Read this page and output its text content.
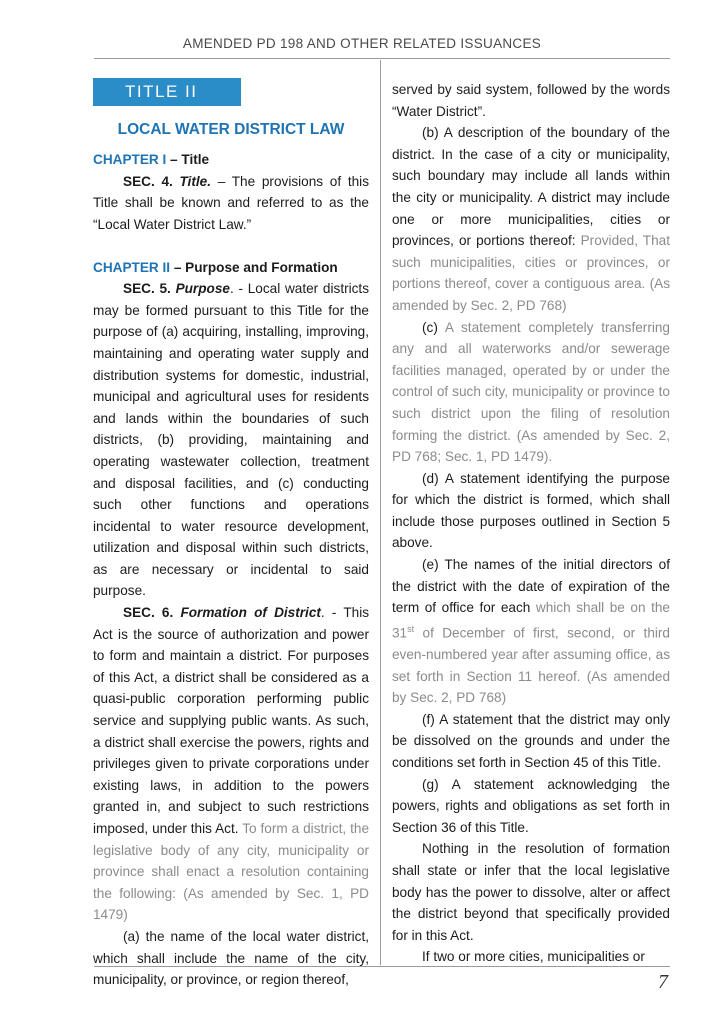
AMENDED PD 198 AND OTHER RELATED ISSUANCES
TITLE II
LOCAL WATER DISTRICT LAW
CHAPTER I – Title

SEC. 4. Title. – The provisions of this Title shall be known and referred to as the “Local Water District Law.”

CHAPTER II – Purpose and Formation

SEC. 5. Purpose. - Local water districts may be formed pursuant to this Title for the purpose of (a) acquiring, installing, improving, maintaining and operating water supply and distribution systems for domestic, industrial, municipal and agricultural uses for residents and lands within the boundaries of such districts, (b) providing, maintaining and operating wastewater collection, treatment and disposal facilities, and (c) conducting such other functions and operations incidental to water resource development, utilization and disposal within such districts, as are necessary or incidental to said purpose.

SEC. 6. Formation of District. - This Act is the source of authorization and power to form and maintain a district. For purposes of this Act, a district shall be considered as a quasi-public corporation performing public service and supplying public wants. As such, a district shall exercise the powers, rights and privileges given to private corporations under existing laws, in addition to the powers granted in, and subject to such restrictions imposed, under this Act. To form a district, the legislative body of any city, municipality or province shall enact a resolution containing the following: (As amended by Sec. 1, PD 1479)

(a) the name of the local water district, which shall include the name of the city, municipality, or province, or region thereof,

served by said system, followed by the words “Water District”.

(b) A description of the boundary of the district. In the case of a city or municipality, such boundary may include all lands within the city or municipality. A district may include one or more municipalities, cities or provinces, or portions thereof: Provided, That such municipalities, cities or provinces, or portions thereof, cover a contiguous area. (As amended by Sec. 2, PD 768)

(c) A statement completely transferring any and all waterworks and/or sewerage facilities managed, operated by or under the control of such city, municipality or province to such district upon the filing of resolution forming the district. (As amended by Sec. 2, PD 768; Sec. 1, PD 1479).

(d) A statement identifying the purpose for which the district is formed, which shall include those purposes outlined in Section 5 above.

(e) The names of the initial directors of the district with the date of expiration of the term of office for each which shall be on the 31st of December of first, second, or third even-numbered year after assuming office, as set forth in Section 11 hereof. (As amended by Sec. 2, PD 768)

(f) A statement that the district may only be dissolved on the grounds and under the conditions set forth in Section 45 of this Title.

(g) A statement acknowledging the powers, rights and obligations as set forth in Section 36 of this Title.

Nothing in the resolution of formation shall state or infer that the local legislative body has the power to dissolve, alter or affect the district beyond that specifically provided for in this Act.

If two or more cities, municipalities or

7
